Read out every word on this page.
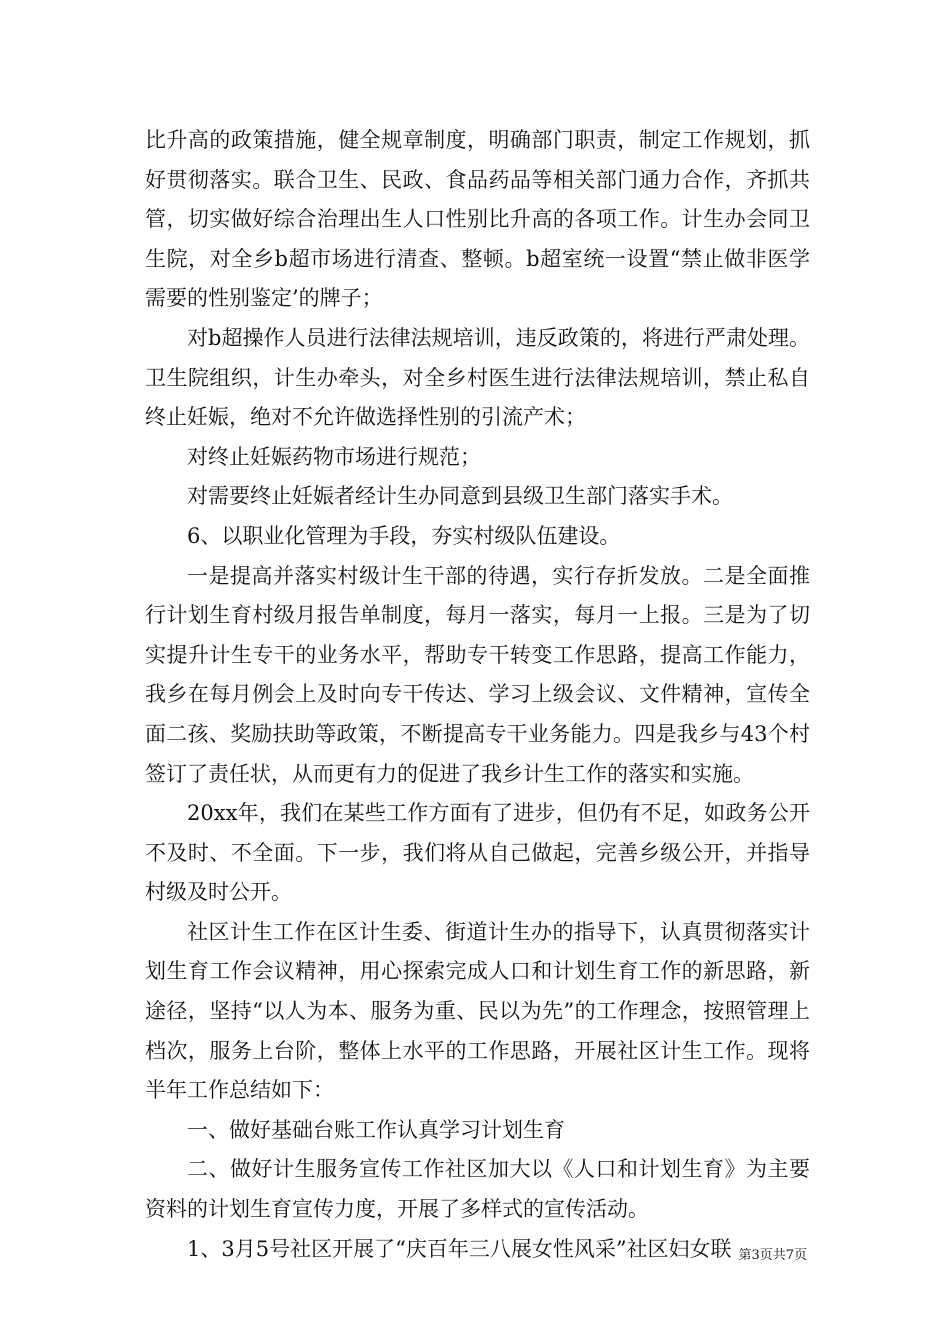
比升高的政策措施，健全规章制度，明确部门职责，制定工作规划，抓好贯彻落实。联合卫生、民政、食品药品等相关部门通力合作，齐抓共管，切实做好综合治理出生人口性别比升高的各项工作。计生办会同卫生院，对全乡b超市场进行清查、整顿。b超室统一设置“禁止做非医学需要的性别鉴定’的牌子；

对b超操作人员进行法律法规培训，违反政策的，将进行严肃处理。卫生院组织，计生办牵头，对全乡村医生进行法律法规培训，禁止私自终止妊娠，绝对不允许做选择性别的引流产术；

对终止妊娠药物市场进行规范；

对需要终止妊娠者经计生办同意到县级卫生部门落实手术。

6、以职业化管理为手段，夯实村级队伍建设。

一是提高并落实村级计生干部的待遇，实行存折发放。二是全面推行计划生育村级月报告单制度，每月一落实，每月一上报。三是为了切实提升计生专干的业务水平，帮助专干转变工作思路，提高工作能力，我乡在每月例会上及时向专干传达、学习上级会议、文件精神，宣传全面二孩、奖励扶助等政策，不断提高专干业务能力。四是我乡与43个村签订了责任状，从而更有力的促进了我乡计生工作的落实和实施。

20xx年，我们在某些工作方面有了进步，但仍有不足，如政务公开不及时、不全面。下一步，我们将从自己做起，完善乡级公开，并指导村级及时公开。

社区计生工作在区计生委、街道计生办的指导下，认真贯彻落实计划生育工作会议精神，用心探索完成人口和计划生育工作的新思路，新途径，坚持“以人为本、服务为重、民以为先”的工作理念，按照管理上档次，服务上台阶，整体上水平的工作思路，开展社区计生工作。现将半年工作总结如下：

一、做好基础台账工作认真学习计划生育

二、做好计生服务宣传工作社区加大以《人口和计划生育》为主要资料的计划生育宣传力度，开展了多样式的宣传活动。

1、3月5号社区开展了“庆百年三八展女性风采”社区妇女联 第3页共7页
